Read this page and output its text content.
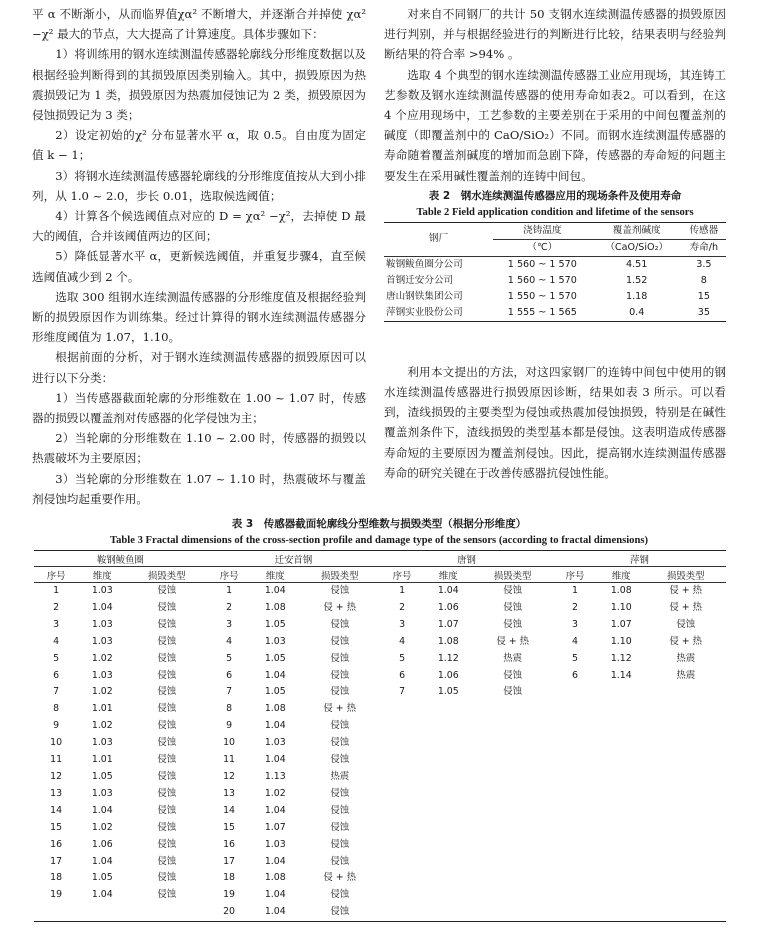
平 α 不断渐小，从而临界值χα² 不断增大，并逐渐合并掉使 χα² −χ² 最大的节点，大大提高了计算速度。具体步骤如下：

1）将训练用的钢水连续测温传感器轮廓线分形维度数据以及根据经验判断得到的其损毁原因类别输入。其中，损毁原因为热震损毁记为 1 类，损毁原因为热震加侵蚀记为 2 类，损毁原因为侵蚀损毁记为 3 类；

2）设定初始的χ² 分布显著水平 α，取 0.5。自由度为固定值 k − 1；

3）将钢水连续测温传感器轮廓线的分形维度值按从大到小排列，从 1.0 ~ 2.0，步长 0.01，选取候选阈值；

4）计算各个候选阈值点对应的 D = χα² −χ²，去掉使 D 最大的阈值，合并该阈值两边的区间；

5）降低显著水平 α，更新候选阈值，并重复步骤4，直至候选阈值减少到 2 个。

选取 300 组钢水连续测温传感器的分形维度值及根据经验判断的损毁原因作为训练集。经过计算得的钢水连续测温传感器分形维度阈值为 1.07，1.10。

根据前面的分析，对于钢水连续测温传感器的损毁原因可以进行以下分类：

1）当传感器截面轮廓的分形维数在 1.00 ~ 1.07 时，传感器的损毁以覆盖剂对传感器的化学侵蚀为主；

2）当轮廓的分形维数在 1.10 ~ 2.00 时，传感器的损毁以热震破坏为主要原因；

3）当轮廓的分形维数在 1.07 ~ 1.10 时，热震破坏与覆盖剂侵蚀均起重要作用。

对来自不同钢厂的共计 50 支钢水连续测温传感器的损毁原因进行判别，并与根据经验进行的判断进行比较，结果表明与经验判断结果的符合率 >94% 。

选取 4 个典型的钢水连续测温传感器工业应用现场，其连铸工艺参数及钢水连续测温传感器的使用寿命如表2。可以看到，在这 4 个应用现场中，工艺参数的主要差别在于采用的中间包覆盖剂的碱度（即覆盖剂中的 CaO/SiO₂）不同。而钢水连续测温传感器的寿命随着覆盖剂碱度的增加而急剧下降，传感器的寿命短的问题主要发生在采用碱性覆盖剂的连铸中间包。

表 2　钢水连续测温传感器应用的现场条件及使用寿命
Table 2 Field application condition and lifetime of the sensors
钢厂	浇铸温度	覆盖剂碱度	传感器
	（℃）	（CaO/SiO₂）	寿命/h
鞍钢鲅鱼圈分公司	1 560 ~ 1 570	4.51	3.5
首钢迁安分公司	1 560 ~ 1 570	1.52	8
唐山钢铁集团公司	1 550 ~ 1 570	1.18	15
萍钢实业股份公司	1 555 ~ 1 565	0.4	35

利用本文提出的方法，对这四家钢厂的连铸中间包中使用的钢水连续测温传感器进行损毁原因诊断，结果如表 3 所示。可以看到，渣线损毁的主要类型为侵蚀或热震加侵蚀损毁，特别是在碱性覆盖剂条件下，渣线损毁的类型基本都是侵蚀。这表明造成传感器寿命短的主要原因为覆盖剂侵蚀。因此，提高钢水连续测温传感器寿命的研究关键在于改善传感器抗侵蚀性能。

表 3　传感器截面轮廓线分型维数与损毁类型（根据分形维度）
Table 3 Fractal dimensions of the cross-section profile and damage type of the sensors (according to fractal dimensions)
鞍钢鲅鱼圈			迁安首钢			唐钢			萍钢		
序号	维度	损毁类型	序号	维度	损毁类型	序号	维度	损毁类型	序号	维度	损毁类型
1	1.03	侵蚀	1	1.04	侵蚀	1	1.04	侵蚀	1	1.08	侵 + 热
2	1.04	侵蚀	2	1.08	侵 + 热	2	1.06	侵蚀	2	1.10	侵 + 热
3	1.03	侵蚀	3	1.05	侵蚀	3	1.07	侵蚀	3	1.07	侵蚀
4	1.03	侵蚀	4	1.03	侵蚀	4	1.08	侵 + 热	4	1.10	侵 + 热
5	1.02	侵蚀	5	1.05	侵蚀	5	1.12	热震	5	1.12	热震
6	1.03	侵蚀	6	1.04	侵蚀	6	1.06	侵蚀	6	1.14	热震
7	1.02	侵蚀	7	1.05	侵蚀	7	1.05	侵蚀			
8	1.01	侵蚀	8	1.08	侵 + 热						
9	1.02	侵蚀	9	1.04	侵蚀						
10	1.03	侵蚀	10	1.03	侵蚀						
11	1.01	侵蚀	11	1.04	侵蚀						
12	1.05	侵蚀	12	1.13	热震						
13	1.03	侵蚀	13	1.02	侵蚀						
14	1.04	侵蚀	14	1.04	侵蚀						
15	1.02	侵蚀	15	1.07	侵蚀						
16	1.06	侵蚀	16	1.03	侵蚀						
17	1.04	侵蚀	17	1.04	侵蚀						
18	1.05	侵蚀	18	1.08	侵 + 热						
19	1.04	侵蚀	19	1.04	侵蚀						
			20	1.04	侵蚀						
